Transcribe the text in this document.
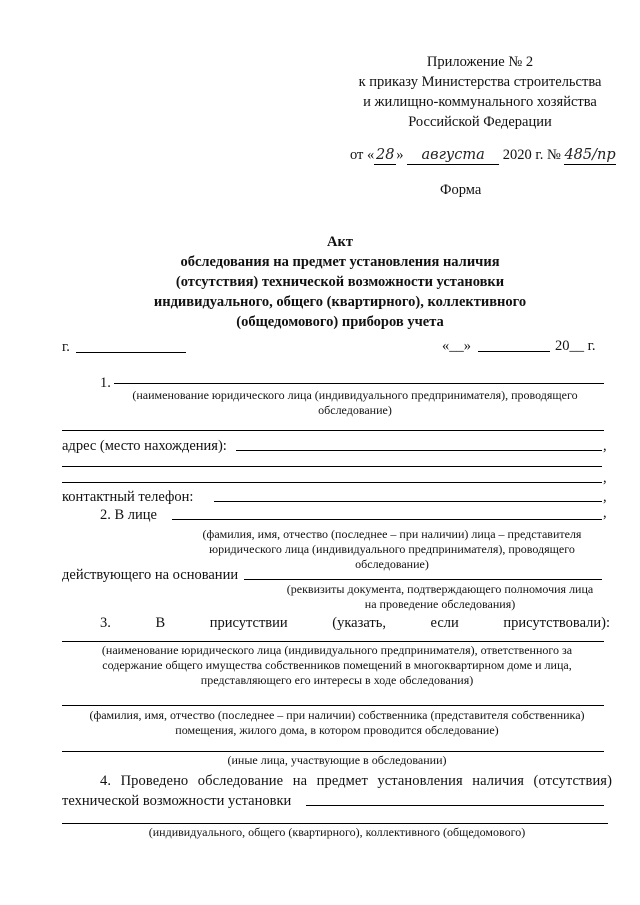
Приложение № 2
к приказу Министерства строительства
и жилищно-коммунального хозяйства
Российской Федерации
от « 28 » августа 2020 г. № 485/пр
Форма
Акт
обследования на предмет установления наличия
(отсутствия) технической возможности установки
индивидуального, общего (квартирного), коллективного
(общедомового) приборов учета
г.	«__»	20__ г.
1.
(наименование юридического лица (индивидуального предпринимателя), проводящего
обследование)
адрес (место нахождения):	,
,
контактный телефон:	,
2. В лице	,
(фамилия, имя, отчество (последнее – при наличии) лица – представителя
юридического лица (индивидуального предпринимателя), проводящего
обследование)
действующего на основании
(реквизиты документа, подтверждающего полномочия лица
на проведение обследования)
3.	В	присутствии	(указать,	если	присутствовали):
(наименование юридического лица (индивидуального предпринимателя), ответственного за
содержание общего имущества собственников помещений в многоквартирном доме и лица,
представляющего его интересы в ходе обследования)
(фамилия, имя, отчество (последнее – при наличии) собственника (представителя собственника)
помещения, жилого дома, в котором проводится обследование)
(иные лица, участвующие в обследовании)
4. Проведено обследование на предмет установления наличия (отсутствия)
технической возможности установки
(индивидуального, общего (квартирного), коллективного (общедомового)
